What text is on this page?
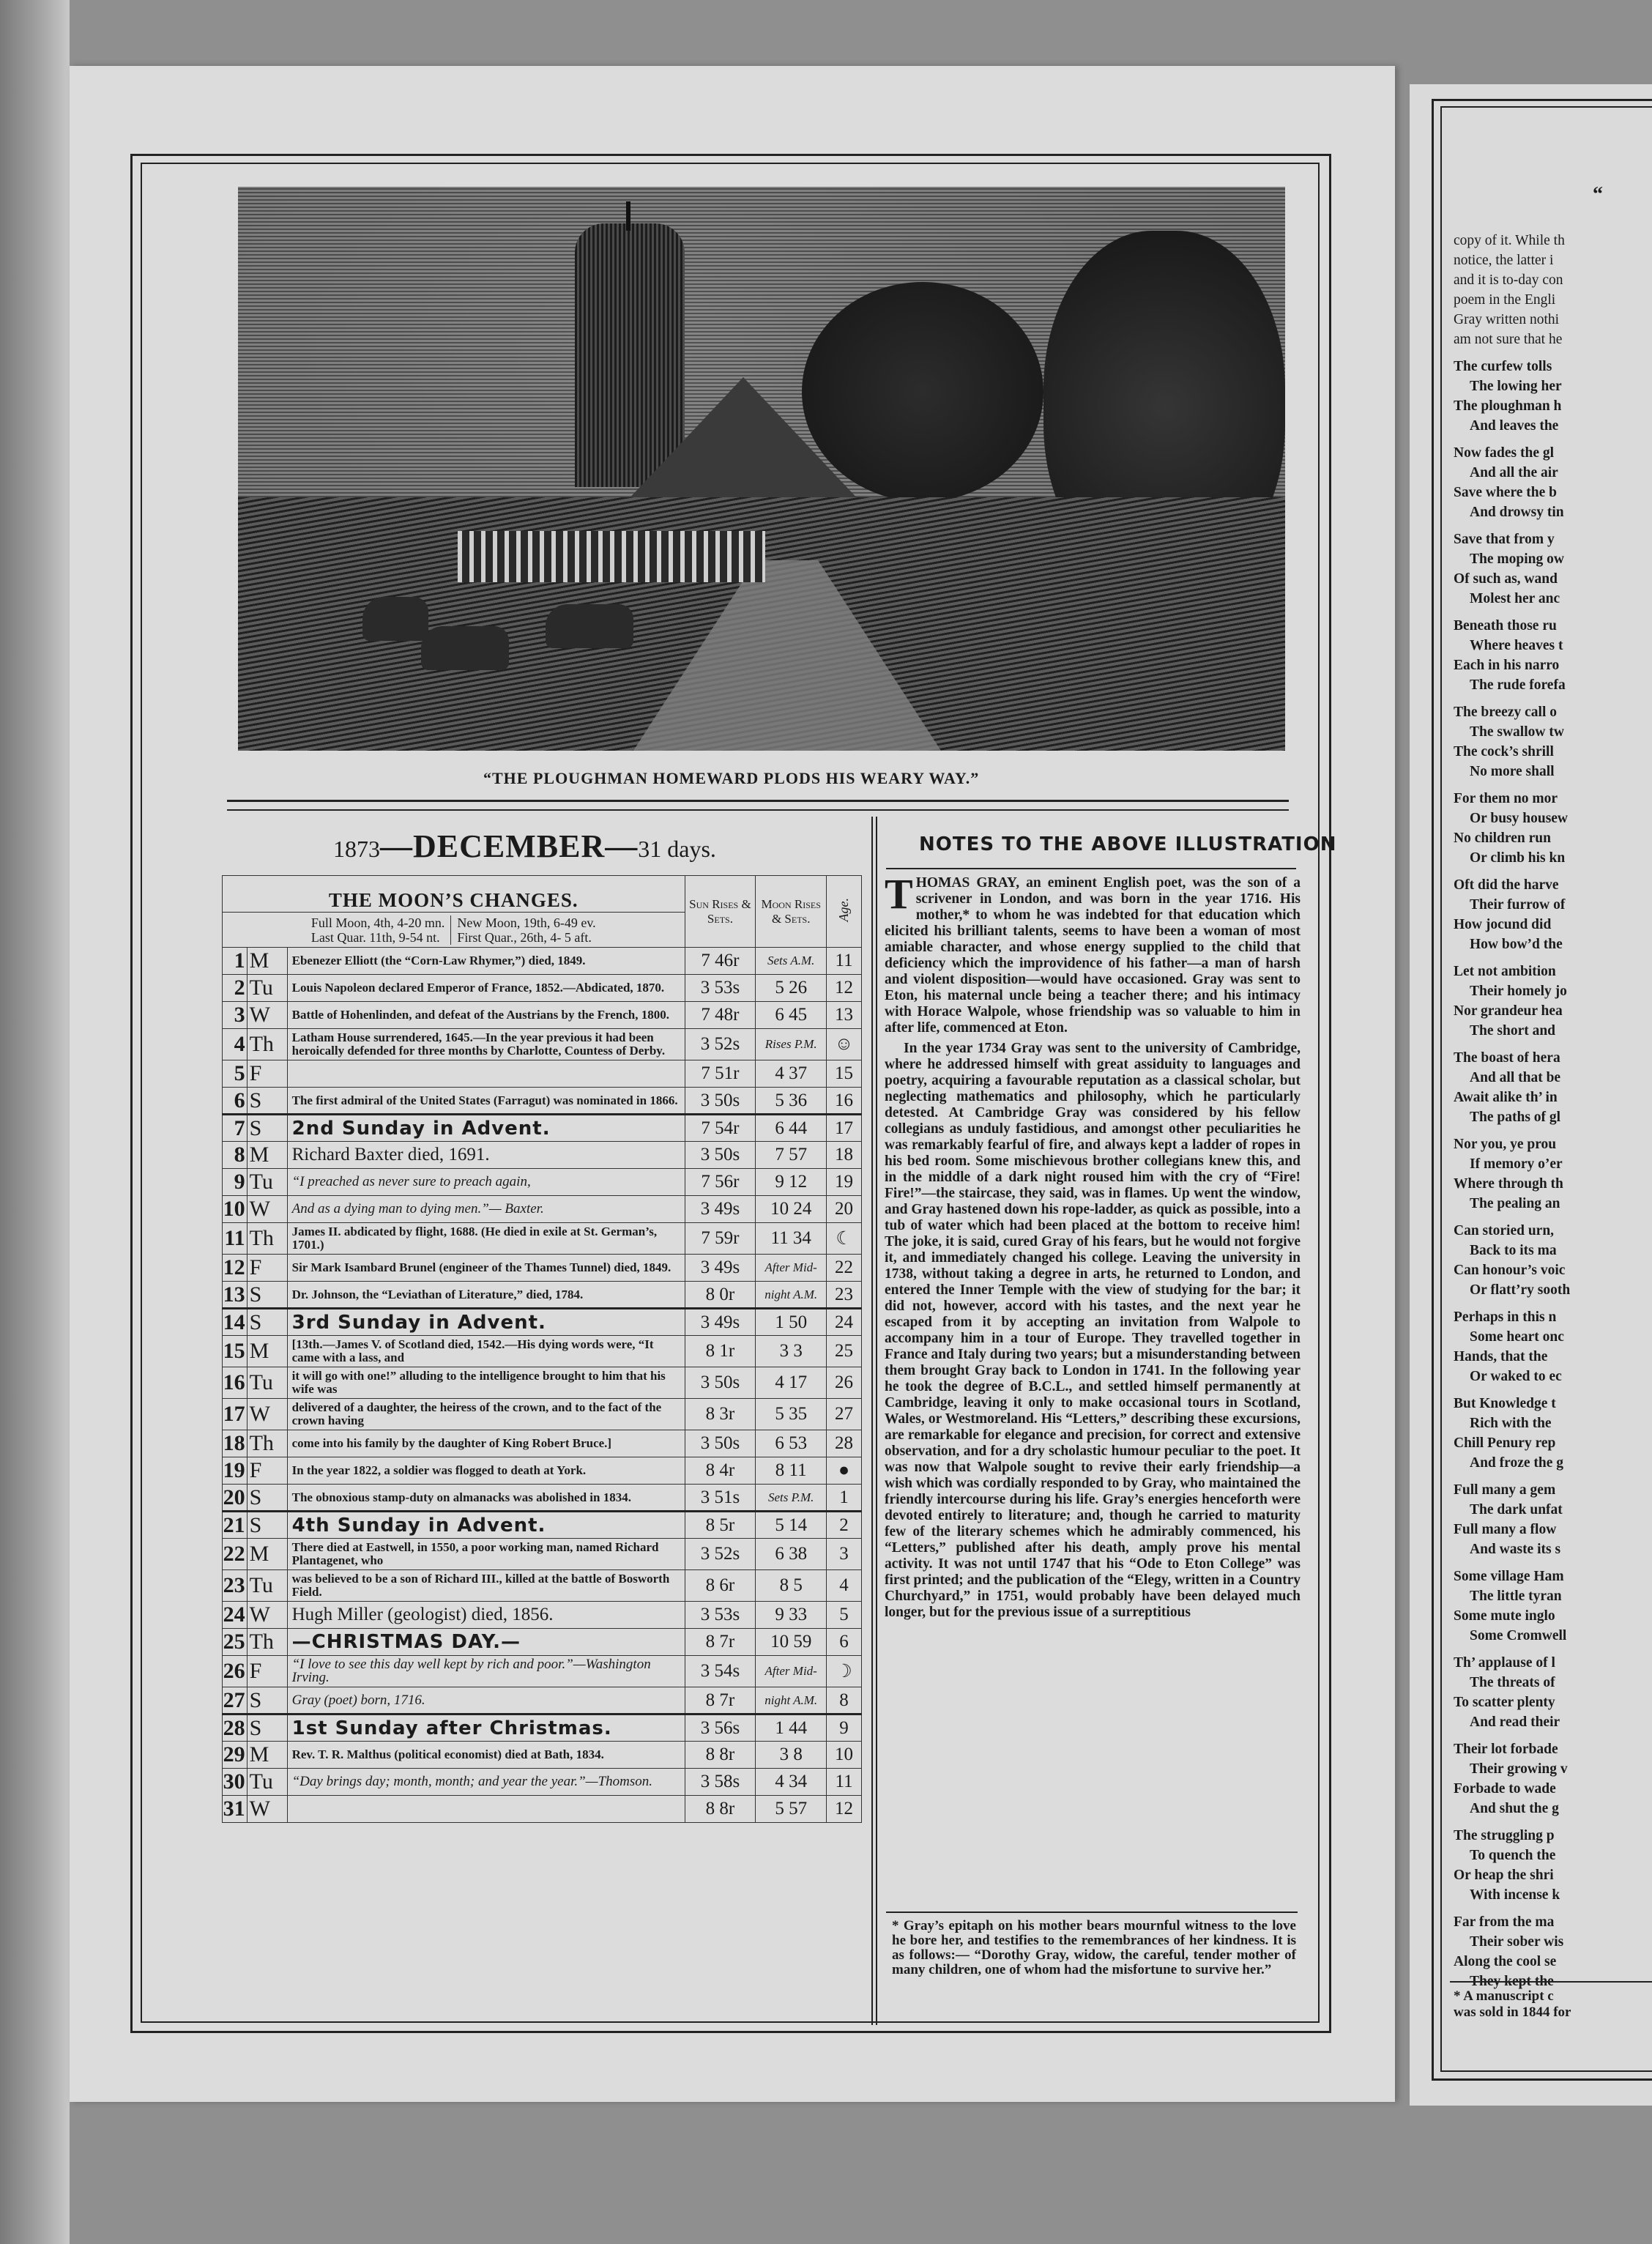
“THE PLOUGHMAN HOMEWARD PLODS HIS WEARY WAY.”
1873—DECEMBER—31 days.
THE MOON’S CHANGES.			Sun Rises & Sets.	Moon Rises & Sets.	Age.

Full Moon, 4th, 4-20 mn.
Last Quar. 11th, 9-54 nt.
New Moon, 19th, 6-49 ev.
First Quar., 26th, 4- 5 aft.					

1	M	Ebenezer Elliott (the “Corn-Law Rhymer,”) died, 1849.	7 46r	Sets A.M.	11
2	Tu	Louis Napoleon declared Emperor of France, 1852.—Abdicated, 1870.	3 53s	5 26	12
3	W	Battle of Hohenlinden, and defeat of the Austrians by the French, 1800.	7 48r	6 45	13
4	Th	Latham House surrendered, 1645.—In the year previous it had been heroically defended for three months by Charlotte, Countess of Derby.	3 52s	Rises P.M.	☺
5	F		7 51r	4 37	15
6	S	The first admiral of the United States (Farragut) was nominated in 1866.	3 50s	5 36	16
7	S	2nd Sunday in Advent.	7 54r	6 44	17
8	M	Richard Baxter died, 1691.	3 50s	7 57	18
9	Tu	“I preached as never sure to preach again,	7 56r	9 12	19
10	W	And as a dying man to dying men.”— Baxter.	3 49s	10 24	20
11	Th	James II. abdicated by flight, 1688. (He died in exile at St. German’s, 1701.)	7 59r	11 34	☾
12	F	Sir Mark Isambard Brunel (engineer of the Thames Tunnel) died, 1849.	3 49s	After Mid-	22
13	S	Dr. Johnson, the “Leviathan of Literature,” died, 1784.	8 0r	night A.M.	23
14	S	3rd Sunday in Advent.	3 49s	1 50	24
15	M	[13th.—James V. of Scotland died, 1542.—His dying words were, “It came with a lass, and	8 1r	3 3	25
16	Tu	it will go with one!” alluding to the intelligence brought to him that his wife was	3 50s	4 17	26
17	W	delivered of a daughter, the heiress of the crown, and to the fact of the crown having	8 3r	5 35	27
18	Th	come into his family by the daughter of King Robert Bruce.]	3 50s	6 53	28
19	F	In the year 1822, a soldier was flogged to death at York.	8 4r	8 11	●
20	S	The obnoxious stamp-duty on almanacks was abolished in 1834.	3 51s	Sets P.M.	1
21	S	4th Sunday in Advent.	8 5r	5 14	2
22	M	There died at Eastwell, in 1550, a poor working man, named Richard Plantagenet, who	3 52s	6 38	3
23	Tu	was believed to be a son of Richard III., killed at the battle of Bosworth Field.	8 6r	8 5	4
24	W	Hugh Miller (geologist) died, 1856.	3 53s	9 33	5
25	Th	—CHRISTMAS DAY.—	8 7r	10 59	6
26	F	“I love to see this day well kept by rich and poor.”—Washington Irving.	3 54s	After Mid-	☽
27	S	Gray (poet) born, 1716.	8 7r	night A.M.	8
28	S	1st Sunday after Christmas.	3 56s	1 44	9
29	M	Rev. T. R. Malthus (political economist) died at Bath, 1834.	8 8r	3 8	10
30	Tu	“Day brings day; month, month; and year the year.”—Thomson.	3 58s	4 34	11
31	W		8 8r	5 57	12
NOTES TO THE ABOVE ILLUSTRATION

THOMAS GRAY, an eminent English poet, was the son of a scrivener in London, and was born in the year 1716. His mother,* to whom he was indebted for that education which elicited his brilliant talents, seems to have been a woman of most amiable character, and whose energy supplied to the child that deficiency which the improvidence of his father—a man of harsh and violent disposition—would have occasioned. Gray was sent to Eton, his maternal uncle being a teacher there; and his intimacy with Horace Walpole, whose friendship was so valuable to him in after life, commenced at Eton.

In the year 1734 Gray was sent to the university of Cambridge, where he addressed himself with great assiduity to languages and poetry, acquiring a favourable reputation as a classical scholar, but neglecting mathematics and philosophy, which he particularly detested. At Cambridge Gray was considered by his fellow collegians as unduly fastidious, and amongst other peculiarities he was remarkably fearful of fire, and always kept a ladder of ropes in his bed room. Some mischievous brother collegians knew this, and in the middle of a dark night roused him with the cry of “Fire! Fire!”—the staircase, they said, was in flames. Up went the window, and Gray hastened down his rope-ladder, as quick as possible, into a tub of water which had been placed at the bottom to receive him! The joke, it is said, cured Gray of his fears, but he would not forgive it, and immediately changed his college. Leaving the university in 1738, without taking a degree in arts, he returned to London, and entered the Inner Temple with the view of studying for the bar; it did not, however, accord with his tastes, and the next year he escaped from it by accepting an invitation from Walpole to accompany him in a tour of Europe. They travelled together in France and Italy during two years; but a misunderstanding between them brought Gray back to London in 1741. In the following year he took the degree of B.C.L., and settled himself permanently at Cambridge, leaving it only to make occasional tours in Scotland, Wales, or Westmoreland. His “Letters,” describing these excursions, are remarkable for elegance and precision, for correct and extensive observation, and for a dry scholastic humour peculiar to the poet. It was now that Walpole sought to revive their early friendship—a wish which was cordially responded to by Gray, who maintained the friendly intercourse during his life. Gray’s energies henceforth were devoted entirely to literature; and, though he carried to maturity few of the literary schemes which he admirably commenced, his “Letters,” published after his death, amply prove his mental activity. It was not until 1747 that his “Ode to Eton College” was first printed; and the publication of the “Elegy, written in a Country Churchyard,” in 1751, would probably have been delayed much longer, but for the previous issue of a surreptitious

* Gray’s epitaph on his mother bears mournful witness to the love he bore her, and testifies to the remembrances of her kindness. It is as follows:— “Dorothy Gray, widow, the careful, tender mother of many children, one of whom had the misfortune to survive her.”
“
copy of it. While th
notice, the latter i
and it is to-day con
poem in the Engli
Gray written nothi
am not sure that he
The curfew tolls
The lowing her
The ploughman h
And leaves the
Now fades the gl
And all the air
Save where the b
And drowsy tin
Save that from y
The moping ow
Of such as, wand
Molest her anc
Beneath those ru
Where heaves t
Each in his narro
The rude forefa
The breezy call o
The swallow tw
The cock’s shrill
No more shall
For them no mor
Or busy housew
No children run
Or climb his kn
Oft did the harve
Their furrow of
How jocund did
How bow’d the
Let not ambition
Their homely jo
Nor grandeur hea
The short and
The boast of hera
And all that be
Await alike th’ in
The paths of gl
Nor you, ye prou
If memory o’er
Where through th
The pealing an
Can storied urn,
Back to its ma
Can honour’s voic
Or flatt’ry sooth
Perhaps in this n
Some heart onc
Hands, that the
Or waked to ec
But Knowledge t
Rich with the
Chill Penury rep
And froze the g
Full many a gem
The dark unfat
Full many a flow
And waste its s
Some village Ham
The little tyran
Some mute inglo
Some Cromwell
Th’ applause of l
The threats of
To scatter plenty
And read their
Their lot forbade
Their growing v
Forbade to wade
And shut the g
The struggling p
To quench the
Or heap the shri
With incense k
Far from the ma
Their sober wis
Along the cool se
They kept the
* A manuscript c
was sold in 1844 for
